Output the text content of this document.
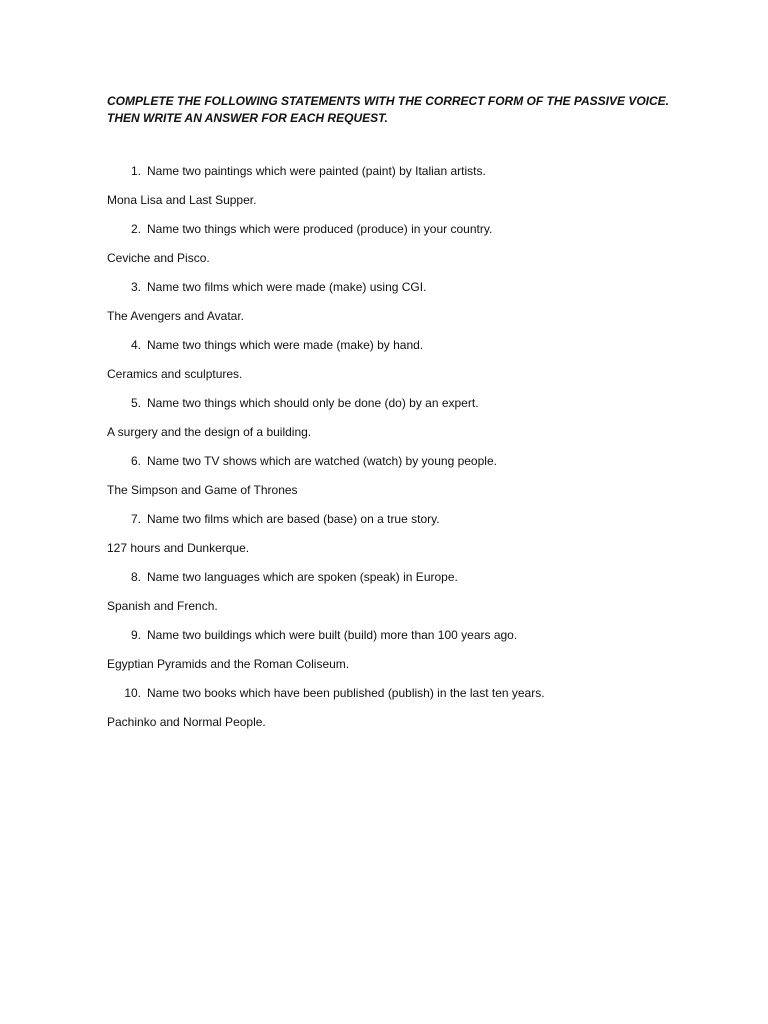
COMPLETE THE FOLLOWING STATEMENTS WITH THE CORRECT FORM OF THE PASSIVE VOICE.
THEN WRITE AN ANSWER FOR EACH REQUEST.
1. Name two paintings which were painted (paint) by Italian artists.
Mona Lisa and Last Supper.
2. Name two things which were produced (produce) in your country.
Ceviche and Pisco.
3. Name two films which were made (make) using CGI.
The Avengers and Avatar.
4. Name two things which were made (make) by hand.
Ceramics and sculptures.
5. Name two things which should only be done (do) by an expert.
A surgery and the design of a building.
6. Name two TV shows which are watched (watch) by young people.
The Simpson and Game of Thrones
7. Name two films which are based (base) on a true story.
127 hours and Dunkerque.
8. Name two languages which are spoken (speak) in Europe.
Spanish and French.
9. Name two buildings which were built (build) more than 100 years ago.
Egyptian Pyramids and the Roman Coliseum.
10. Name two books which have been published (publish) in the last ten years.
Pachinko and Normal People.
